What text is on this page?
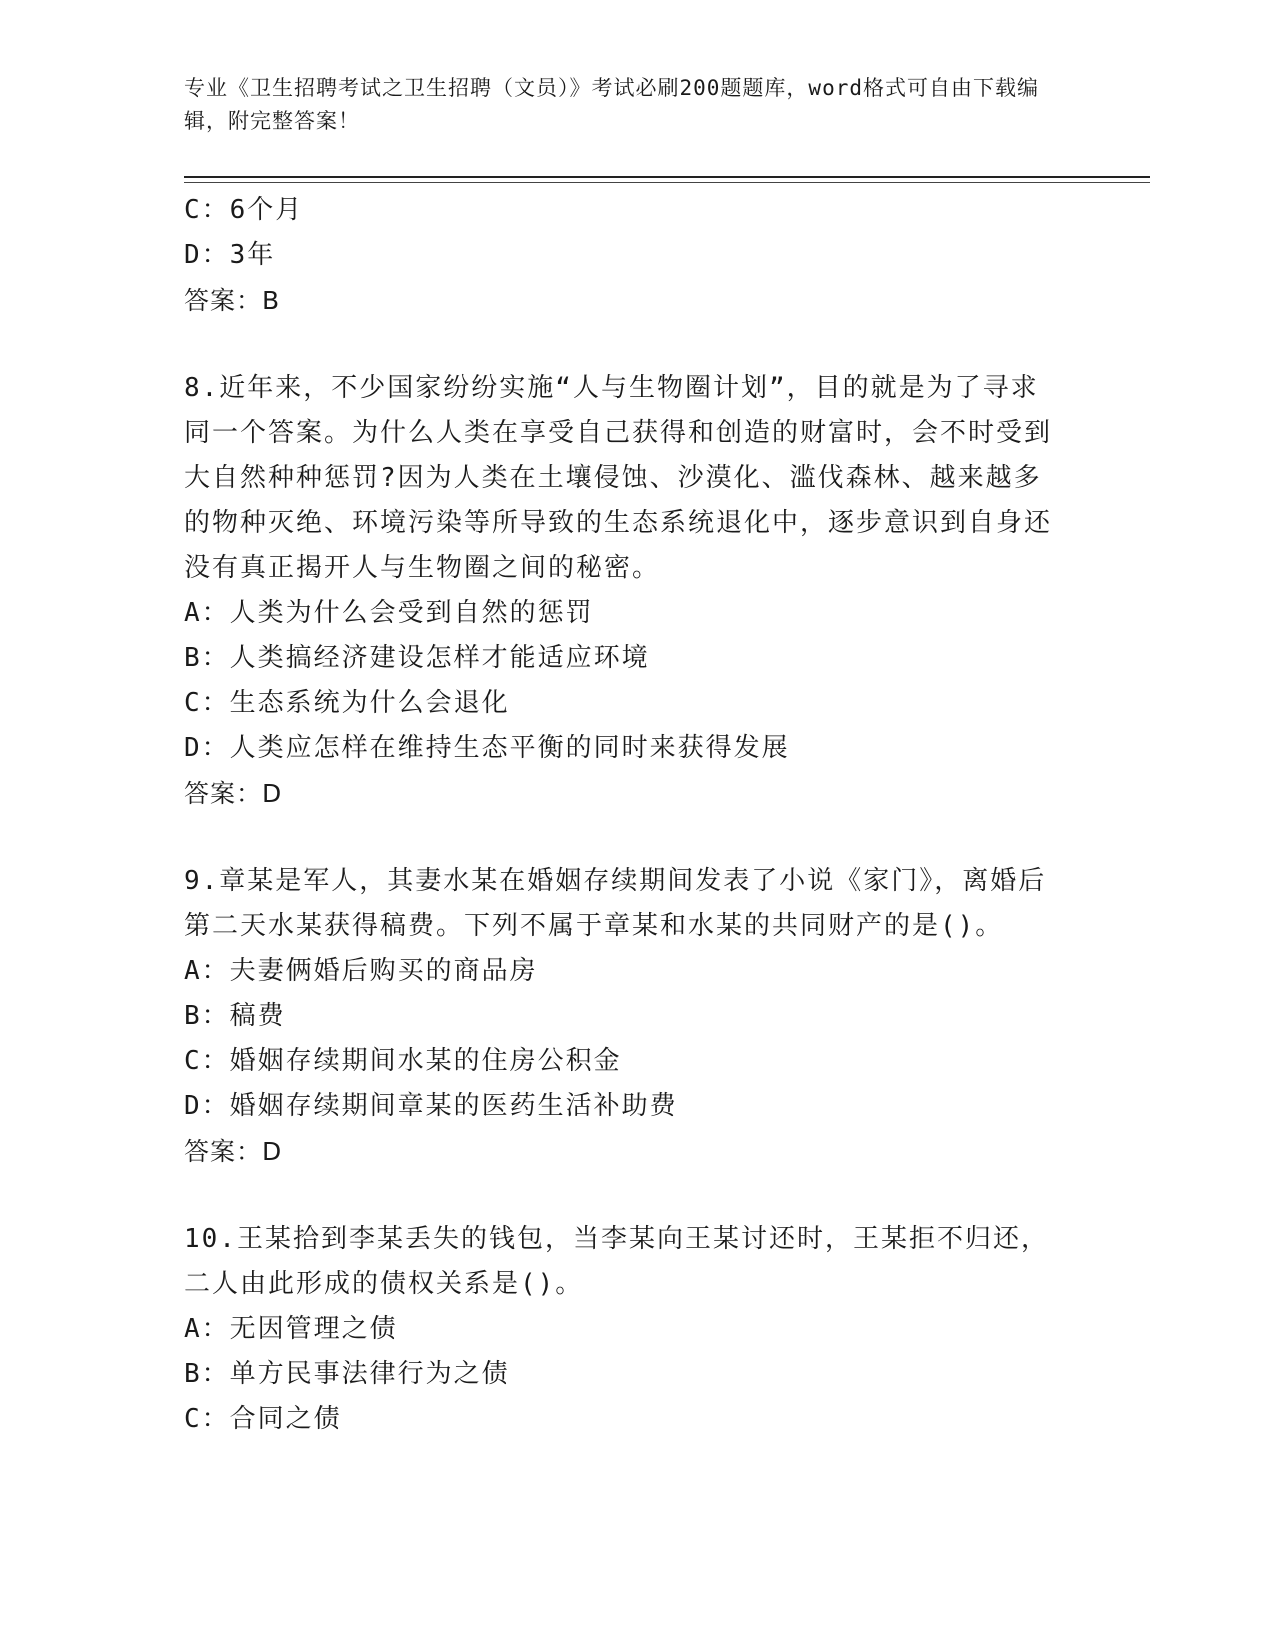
专业《卫生招聘考试之卫生招聘（文员）》考试必刷200题题库，word格式可自由下载编辑，附完整答案！

C：6个月

D：3年

答案：B

8.近年来，不少国家纷纷实施“人与生物圈计划”，目的就是为了寻求同一个答案。为什么人类在享受自己获得和创造的财富时，会不时受到大自然种种惩罚?因为人类在土壤侵蚀、沙漠化、滥伐森林、越来越多的物种灭绝、环境污染等所导致的生态系统退化中，逐步意识到自身还没有真正揭开人与生物圈之间的秘密。

A：人类为什么会受到自然的惩罚

B：人类搞经济建设怎样才能适应环境

C：生态系统为什么会退化

D：人类应怎样在维持生态平衡的同时来获得发展

答案：D

9.章某是军人，其妻水某在婚姻存续期间发表了小说《家门》，离婚后第二天水某获得稿费。下列不属于章某和水某的共同财产的是()。

A：夫妻俩婚后购买的商品房

B：稿费

C：婚姻存续期间水某的住房公积金

D：婚姻存续期间章某的医药生活补助费

答案：D

10.王某拾到李某丢失的钱包，当李某向王某讨还时，王某拒不归还，二人由此形成的债权关系是()。

A：无因管理之债

B：单方民事法律行为之债

C：合同之债
